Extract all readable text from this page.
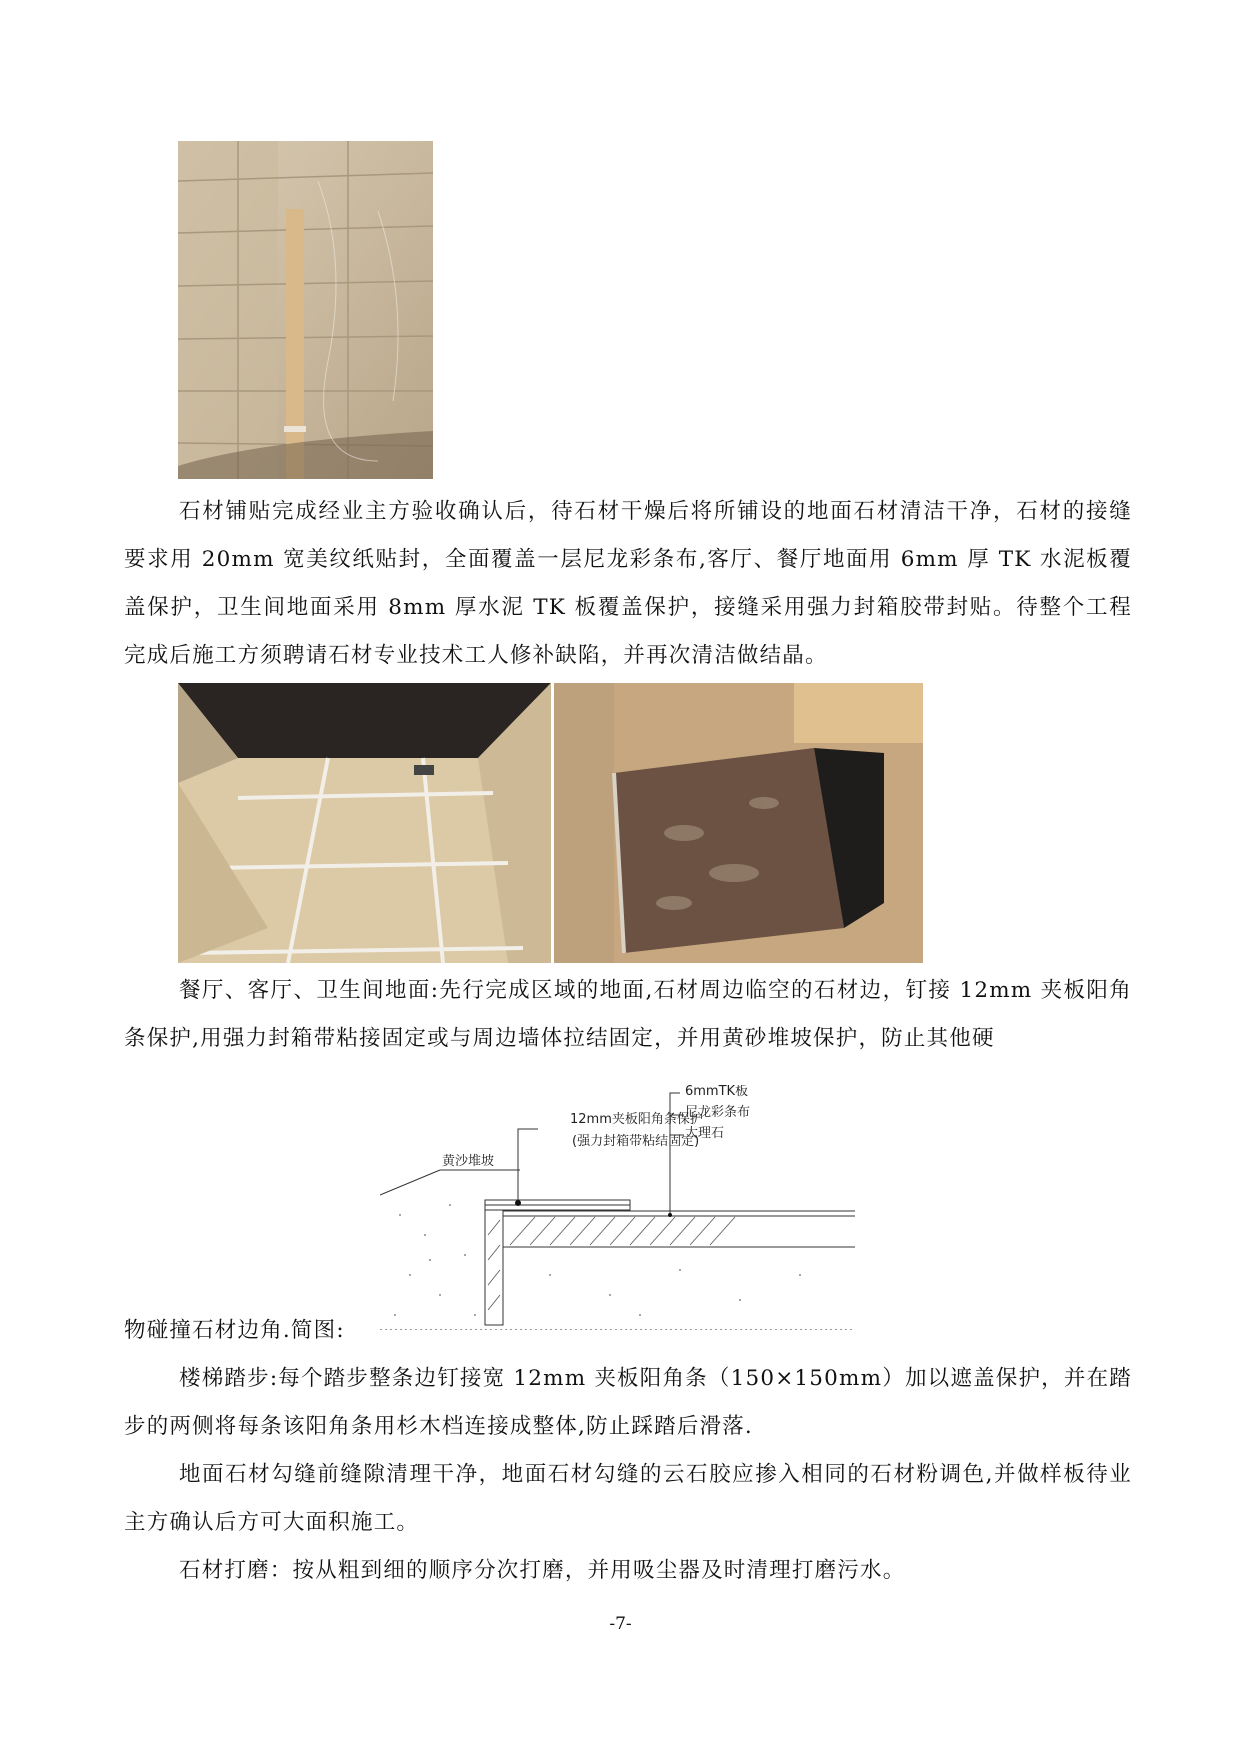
石材铺贴完成经业主方验收确认后，待石材干燥后将所铺设的地面石材清洁干净，石材的接缝要求用 20mm 宽美纹纸贴封，全面覆盖一层尼龙彩条布,客厅、餐厅地面用 6mm 厚 TK 水泥板覆盖保护，卫生间地面采用 8mm 厚水泥 TK 板覆盖保护，接缝采用强力封箱胶带封贴。待整个工程完成后施工方须聘请石材专业技术工人修补缺陷，并再次清洁做结晶。

餐厅、客厅、卫生间地面:先行完成区域的地面,石材周边临空的石材边，钉接 12mm 夹板阳角条保护,用强力封箱带粘接固定或与周边墙体拉结固定，并用黄砂堆坡保护，防止其他硬

6mmTK板
尼龙彩条布
大理石
12mm夹板阳角条保护
(强力封箱带粘结固定)
黄沙堆坡

物碰撞石材边角.简图:

楼梯踏步:每个踏步整条边钉接宽 12mm 夹板阳角条（150×150mm）加以遮盖保护，并在踏步的两侧将每条该阳角条用杉木档连接成整体,防止踩踏后滑落.

地面石材勾缝前缝隙清理干净，地面石材勾缝的云石胶应掺入相同的石材粉调色,并做样板待业主方确认后方可大面积施工。

石材打磨：按从粗到细的顺序分次打磨，并用吸尘器及时清理打磨污水。

-7-
